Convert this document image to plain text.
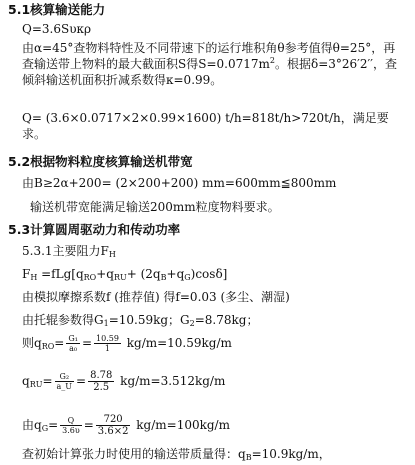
5.1核算输送能力
Q=3.6Sυκρ
由α=45°查物料特性及不同带速下的运行堆积角θ参考值得θ=25°，再查输送带上物料的最大截面积S得$S=0.0717m^2$。根据δ=3°26′2′′，查倾斜输送机面积折减系数得κ=0.99。
Q= (3.6×0.0717×2×0.99×1600) t/h=818t/h>720t/h，满足要求。
5.2根据物料粒度核算输送机带宽
由B≥2α+200= (2×200+200) mm=600mm≦800mm
输送机带宽能满足输送200mm粒度物料要求。
5.3计算圆周驱动力和传动功率
5.3.1主要阻力$F_H$
$F_H =fLg[q_{RO}+q_{RU}+ (2q_B+q_G)\cos\delta]$
由模拟摩擦系数f (推荐值) 得f=0.03 (多尘、潮湿)
由托辊参数得$G_1=10.59kg$；$G_2=8.78kg$；
则$q_{RO}= \frac{\text{G₁}}{\text{a₀}} = \frac{10.59}{1} kg/m=10.59kg/m$
$q_{RU}= \frac{\text{G₂}}{a\_U} = \frac{8.78}{2.5} kg/m=3.512kg/m$
由$q_G= \frac{Q}{3.6\upsilon} = \frac{720}{3.6\times 2} kg/m=100kg/m$
查初始计算张力时使用的输送带质量得：$q_B=10.9kg/m$，
